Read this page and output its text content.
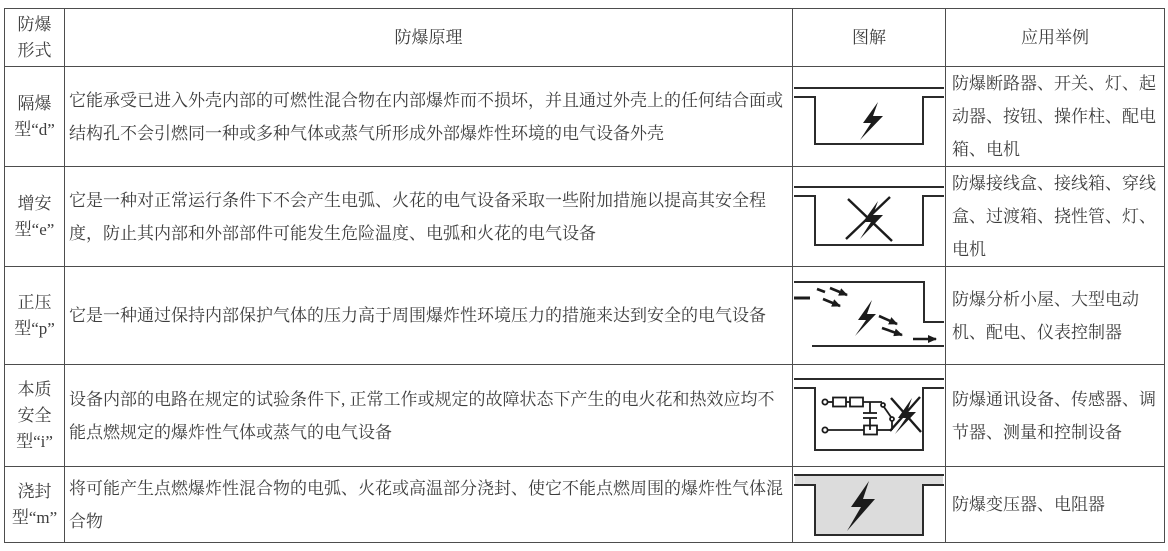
防爆形式	防爆原理	图解	应用举例
隔爆型“d”	它能承受已进入外壳内部的可燃性混合物在内部爆炸而不损坏，并且通过外壳上的任何结合面或结构孔不会引燃同一种或多种气体或蒸气所形成外部爆炸性环境的电气设备外壳		防爆断路器、开关、灯、起动器、按钮、操作柱、配电箱、电机
增安型“e”	它是一种对正常运行条件下不会产生电弧、火花的电气设备采取一些附加措施以提高其安全程度，防止其内部和外部部件可能发生危险温度、电弧和火花的电气设备		防爆接线盒、接线箱、穿线盒、过渡箱、挠性管、灯、电机
正压型“p”	它是一种通过保持内部保护气体的压力高于周围爆炸性环境压力的措施来达到安全的电气设备		防爆分析小屋、大型电动机、配电、仪表控制器
本质安全型“i”	设备内部的电路在规定的试验条件下, 正常工作或规定的故障状态下产生的电火花和热效应均不能点燃规定的爆炸性气体或蒸气的电气设备		防爆通讯设备、传感器、调节器、测量和控制设备
浇封型“m”	将可能产生点燃爆炸性混合物的电弧、火花或高温部分浇封、使它不能点燃周围的爆炸性气体混合物		防爆变压器、电阻器
